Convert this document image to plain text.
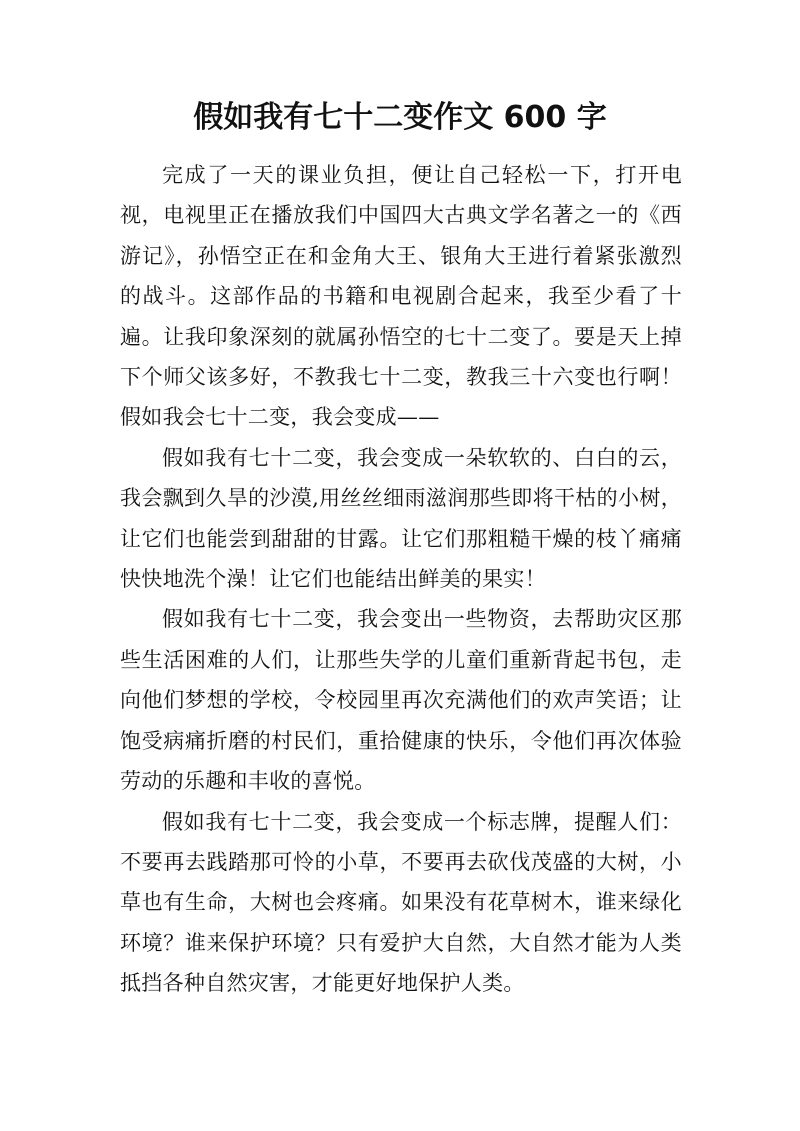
假如我有七十二变作文 600 字

完成了一天的课业负担，便让自己轻松一下，打开电视，电视里正在播放我们中国四大古典文学名著之一的《西游记》，孙悟空正在和金角大王、银角大王进行着紧张激烈的战斗。这部作品的书籍和电视剧合起来，我至少看了十遍。让我印象深刻的就属孙悟空的七十二变了。要是天上掉下个师父该多好，不教我七十二变，教我三十六变也行啊！假如我会七十二变，我会变成——

假如我有七十二变，我会变成一朵软软的、白白的云，我会飘到久旱的沙漠,用丝丝细雨滋润那些即将干枯的小树，让它们也能尝到甜甜的甘露。让它们那粗糙干燥的枝丫痛痛快快地洗个澡！让它们也能结出鲜美的果实！

假如我有七十二变，我会变出一些物资，去帮助灾区那些生活困难的人们，让那些失学的儿童们重新背起书包，走向他们梦想的学校，令校园里再次充满他们的欢声笑语；让饱受病痛折磨的村民们，重拾健康的快乐，令他们再次体验劳动的乐趣和丰收的喜悦。

假如我有七十二变，我会变成一个标志牌，提醒人们：不要再去践踏那可怜的小草，不要再去砍伐茂盛的大树，小草也有生命，大树也会疼痛。如果没有花草树木，谁来绿化环境？谁来保护环境？只有爱护大自然，大自然才能为人类抵挡各种自然灾害，才能更好地保护人类。
